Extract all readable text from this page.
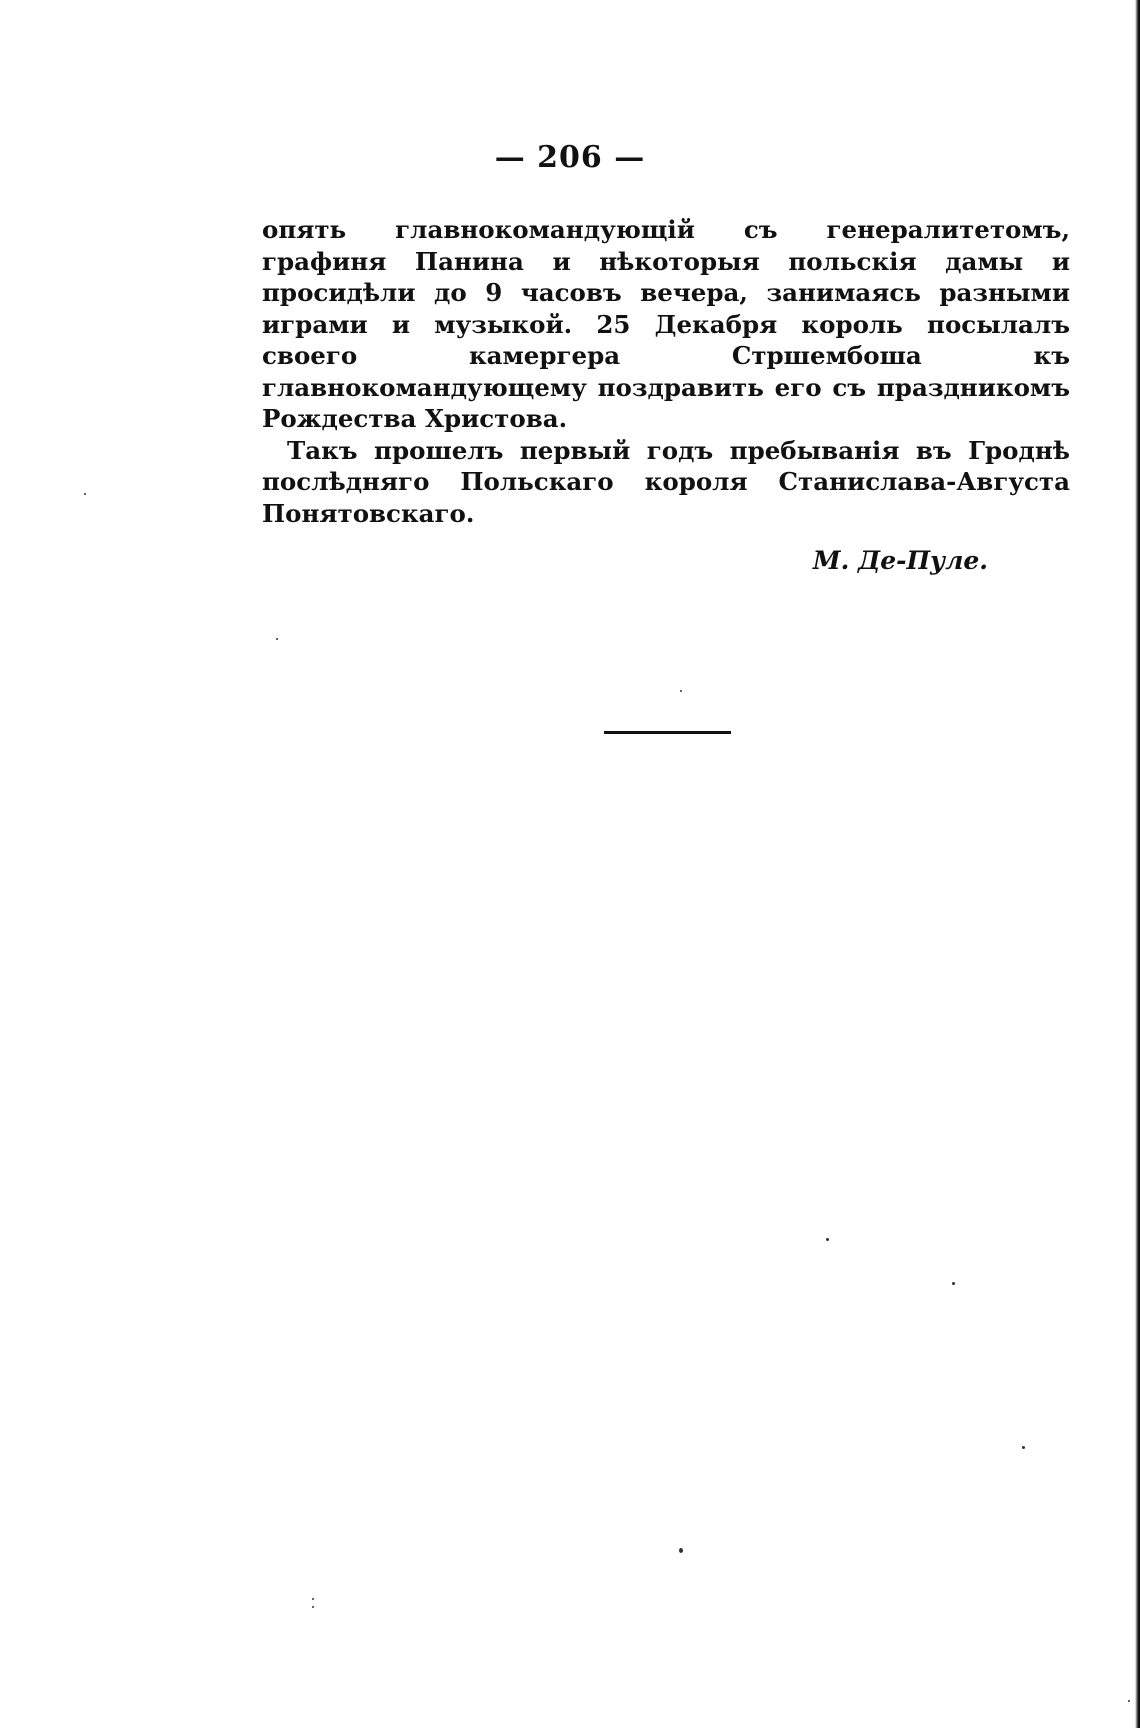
— 206 —

опять главнокомандующій съ генералитетомъ, графиня Панина и нѣкоторыя польскія дамы и просидѣли до 9 часовъ вечера, занимаясь разными играми и музыкой. 25 Декабря король посылалъ своего камергера Стршембоша къ главнокомандующему поздравить его съ праздникомъ Рождества Христова.

Такъ прошелъ первый годъ пребыванія въ Гроднѣ послѣдняго Польскаго короля Станислава-Августа Понятовскаго.

М. Де-Пуле.
